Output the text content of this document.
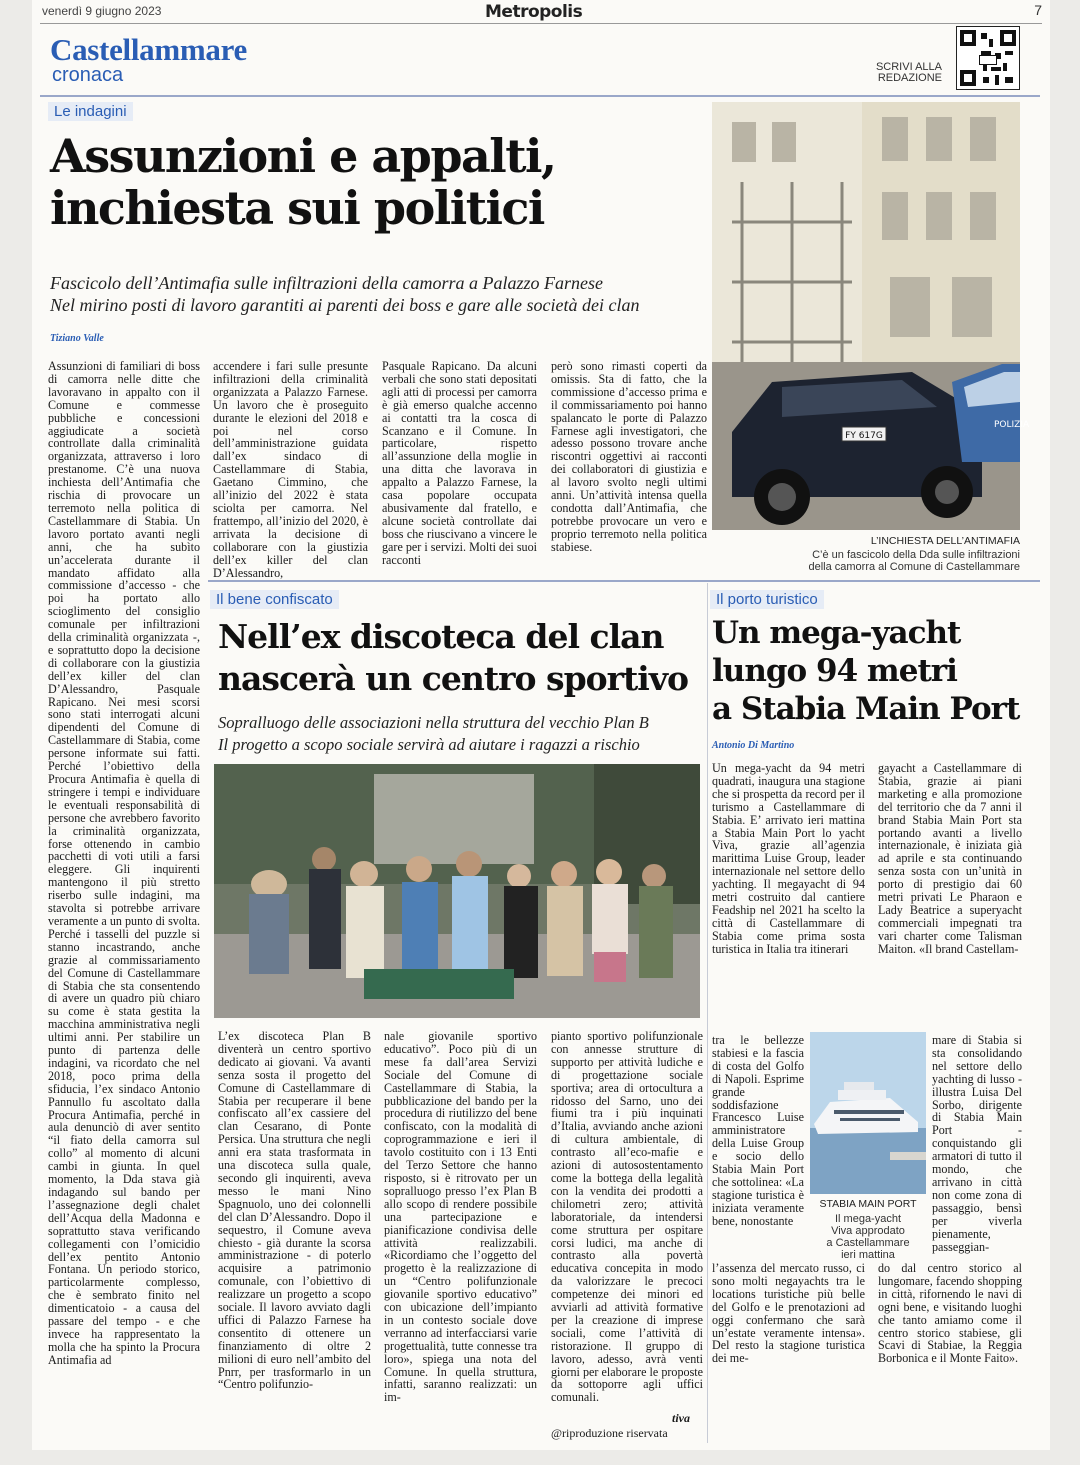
venerdì 9 giugno 2023	Metropolis	7
Castellammare
cronaca	SCRIVI ALLA
REDAZIONE
Le indagini
Assunzioni e appalti,
inchiesta sui politici
Fascicolo dell’Antimafia sulle infiltrazioni della camorra a Palazzo Farnese
Nel mirino posti di lavoro garantiti ai parenti dei boss e gare alle società dei clan
Tiziano Valle
Assunzioni di familiari di boss di camorra nelle ditte che lavoravano in appalto con il Comune e commesse pubbliche e concessioni aggiudicate a società controllate dalla criminalità organizzata, attraverso i loro prestanome. C’è una nuova inchiesta dell’Antimafia che rischia di provocare un terremoto nella politica di Castellammare di Stabia. Un lavoro portato avanti negli anni, che ha subìto un’accelerata durante il mandato affidato alla commissione d’accesso - che poi ha portato allo scioglimento del consiglio comunale per infiltrazioni della criminalità organizzata -, e soprattutto dopo la decisione di collaborare con la giustizia dell’ex killer del clan D’Alessandro, Pasquale Rapicano. Nei mesi scorsi sono stati interrogati alcuni dipendenti del Comune di Castellammare di Stabia, come persone informate sui fatti. Perché l’obiettivo della Procura Antimafia è quella di stringere i tempi e individuare le eventuali responsabilità di persone che avrebbero favorito la criminalità organizzata, forse ottenendo in cambio pacchetti di voti utili a farsi eleggere. Gli inquirenti mantengono il più stretto riserbo sulle indagini, ma stavolta si potrebbe arrivare veramente a un punto di svolta. Perché i tasselli del puzzle si stanno incastrando, anche grazie al commissariamento del Comune di Castellammare di Stabia che sta consentendo di avere un quadro più chiaro su come è stata gestita la macchina amministrativa negli ultimi anni. Per stabilire un punto di partenza delle indagini, va ricordato che nel 2018, poco prima della sfiducia, l’ex sindaco Antonio Pannullo fu ascoltato dalla Procura Antimafia, perché in aula denunciò di aver sentito “il fiato della camorra sul collo” al momento di alcuni cambi in giunta. In quel momento, la Dda stava già indagando sul bando per l’assegnazione degli chalet dell’Acqua della Madonna e soprattutto stava verificando collegamenti con l’omicidio dell’ex pentito Antonio Fontana. Un periodo storico, particolarmente complesso, che è sembrato finito nel dimenticatoio - a causa del passare del tempo - e che invece ha rappresentato la molla che ha spinto la Procura Antimafia ad
accendere i fari sulle presunte infiltrazioni della criminalità organizzata a Palazzo Farnese. Un lavoro che è proseguito durante le elezioni del 2018 e poi nel corso dell’amministrazione guidata dall’ex sindaco di Castellammare di Stabia, Gaetano Cimmino, che all’inizio del 2022 è stata sciolta per camorra. Nel frattempo, all’inizio del 2020, è arrivata la decisione di collaborare con la giustizia dell’ex killer del clan D’Alessandro,
Pasquale Rapicano. Da alcuni verbali che sono stati depositati agli atti di processi per camorra è già emerso qualche accenno ai contatti tra la cosca di Scanzano e il Comune. In particolare, rispetto all’assunzione della moglie in una ditta che lavorava in appalto a Palazzo Farnese, la casa popolare occupata abusivamente dal fratello, e alcune società controllate dai boss che riuscivano a vincere le gare per i servizi. Molti dei suoi racconti
però sono rimasti coperti da omissis. Sta di fatto, che la commissione d’accesso prima e il commissariamento poi hanno spalancato le porte di Palazzo Farnese agli investigatori, che adesso possono trovare anche riscontri oggettivi ai racconti dei collaboratori di giustizia e al lavoro svolto negli ultimi anni. Un’attività intensa quella condotta dall’Antimafia, che potrebbe provocare un vero e proprio terremoto nella politica stabiese.
FY 617G
POLIZIA
L’INCHIESTA DELL’ANTIMAFIA
C’è un fascicolo della Dda sulle infiltrazioni
della camorra al Comune di Castellammare
Il bene confiscato
Nell’ex discoteca del clan
nascerà un centro sportivo
Sopralluogo delle associazioni nella struttura del vecchio Plan B
Il progetto a scopo sociale servirà ad aiutare i ragazzi a rischio
L’ex discoteca Plan B diventerà un centro sportivo dedicato ai giovani. Va avanti senza sosta il progetto del Comune di Castellammare di Stabia per recuperare il bene confiscato all’ex cassiere del clan Cesarano, di Ponte Persica. Una struttura che negli anni era stata trasformata in una discoteca sulla quale, secondo gli inquirenti, aveva messo le mani Nino Spagnuolo, uno dei colonnelli del clan D’Alessandro. Dopo il sequestro, il Comune aveva chiesto - già durante la scorsa amministrazione - di poterlo acquisire a patrimonio comunale, con l’obiettivo di realizzare un progetto a scopo sociale. Il lavoro avviato dagli uffici di Palazzo Farnese ha consentito di ottenere un finanziamento di oltre 2 milioni di euro nell’ambito del Pnrr, per trasformarlo in un “Centro polifunzio-
nale giovanile sportivo educativo”. Poco più di un mese fa dall’area Servizi Sociale del Comune di Castellammare di Stabia, la pubblicazione del bando per la procedura di riutilizzo del bene confiscato, con la modalità di coprogrammazione e ieri il tavolo costituito con i 13 Enti del Terzo Settore che hanno risposto, si è ritrovato per un sopralluogo presso l’ex Plan B allo scopo di rendere possibile una partecipazione e pianificazione condivisa delle attività realizzabili. «Ricordiamo che l’oggetto del progetto è la realizzazione di un “Centro polifunzionale giovanile sportivo educativo” con ubicazione dell’impianto in un contesto sociale dove verranno ad interfacciarsi varie progettualità, tutte connesse tra loro», spiega una nota del Comune. In quella struttura, infatti, saranno realizzati: un im-
pianto sportivo polifunzionale con annesse strutture di supporto per attività ludiche e di progettazione sociale sportiva; area di ortocultura a ridosso del Sarno, uno dei fiumi tra i più inquinati d’Italia, avviando anche azioni di cultura ambientale, di contrasto all’eco-mafie e azioni di autosostentamento come la bottega della legalità con la vendita dei prodotti a chilometri zero; attività laboratoriale, da intendersi come struttura per ospitare corsi ludici, ma anche di contrasto alla povertà educativa concepita in modo da valorizzare le precoci competenze dei minori ed avviarli ad attività formative per la creazione di imprese sociali, come l’attività di ristorazione. Il gruppo di lavoro, adesso, avrà venti giorni per elaborare le proposte da sottoporre agli uffici comunali.
tiva
@riproduzione riservata
Il porto turistico
Un mega-yacht
lungo 94 metri
a Stabia Main Port
Antonio Di Martino
Un mega-yacht da 94 metri quadrati, inaugura una stagione che si prospetta da record per il turismo a Castellammare di Stabia. E’ arrivato ieri mattina a Stabia Main Port lo yacht Viva, grazie all’agenzia marittima Luise Group, leader internazionale nel settore dello yachting. Il megayacht di 94 metri costruito dal cantiere Feadship nel 2021 ha scelto la città di Castellammare di Stabia come prima sosta turistica in Italia tra itinerari
tra le bellezze stabiesi e la fascia di costa del Golfo di Napoli. Esprime grande soddisfazione Francesco Luise amministratore della Luise Group e socio dello Stabia Main Port che sottolinea: «La stagione turistica è iniziata veramente bene, nonostante
l’assenza del mercato russo, ci sono molti negayachts tra le locations turistiche più belle del Golfo e le prenotazioni ad oggi confermano che sarà un’estate veramente intensa». Del resto la stagione turistica dei me-
gayacht a Castellammare di Stabia, grazie ai piani marketing e alla promozione del territorio che da 7 anni il brand Stabia Main Port sta portando avanti a livello internazionale, è iniziata già ad aprile e sta continuando senza sosta con un’unità in porto di prestigio dai 60 metri privati Le Pharaon e Lady Beatrice a superyacht commerciali impegnati tra vari charter come Talisman Maiton. «Il brand Castellam-
mare di Stabia si sta consolidando nel settore dello yachting di lusso - illustra Luisa Del Sorbo, dirigente di Stabia Main Port - conquistando gli armatori di tutto il mondo, che arrivano in città non come zona di passaggio, bensì per viverla pienamente, passeggian-
do dal centro storico al lungomare, facendo shopping in città, rifornendo le navi di ogni bene, e visitando luoghi che tanto amiamo come il centro storico stabiese, gli Scavi di Stabiae, la Reggia Borbonica e il Monte Faito».
STABIA MAIN PORT
Il mega-yacht
Viva approdato
a Castellammare
ieri mattina
